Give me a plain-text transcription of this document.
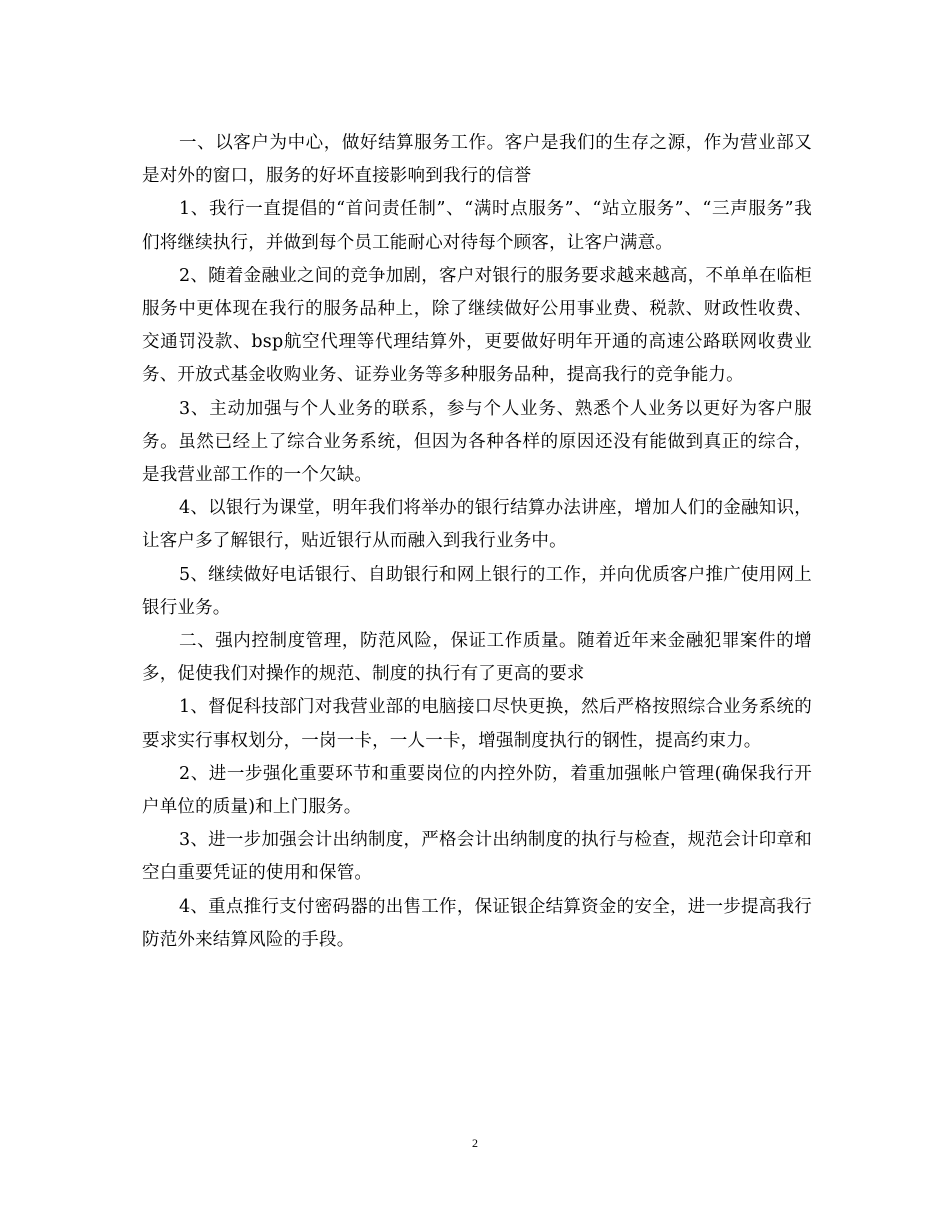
一、以客户为中心，做好结算服务工作。客户是我们的生存之源，作为营业部又是对外的窗口，服务的好坏直接影响到我行的信誉

1、我行一直提倡的“首问责任制”、“满时点服务”、“站立服务”、“三声服务”我们将继续执行，并做到每个员工能耐心对待每个顾客，让客户满意。

2、随着金融业之间的竞争加剧，客户对银行的服务要求越来越高，不单单在临柜服务中更体现在我行的服务品种上，除了继续做好公用事业费、税款、财政性收费、交通罚没款、bsp航空代理等代理结算外，更要做好明年开通的高速公路联网收费业务、开放式基金收购业务、证券业务等多种服务品种，提高我行的竞争能力。

3、主动加强与个人业务的联系，参与个人业务、熟悉个人业务以更好为客户服务。虽然已经上了综合业务系统，但因为各种各样的原因还没有能做到真正的综合，是我营业部工作的一个欠缺。

4、以银行为课堂，明年我们将举办的银行结算办法讲座，增加人们的金融知识，让客户多了解银行，贴近银行从而融入到我行业务中。

5、继续做好电话银行、自助银行和网上银行的工作，并向优质客户推广使用网上银行业务。

二、强内控制度管理，防范风险，保证工作质量。随着近年来金融犯罪案件的增多，促使我们对操作的规范、制度的执行有了更高的要求

1、督促科技部门对我营业部的电脑接口尽快更换，然后严格按照综合业务系统的要求实行事权划分，一岗一卡，一人一卡，增强制度执行的钢性，提高约束力。

2、进一步强化重要环节和重要岗位的内控外防，着重加强帐户管理(确保我行开户单位的质量)和上门服务。

3、进一步加强会计出纳制度，严格会计出纳制度的执行与检查，规范会计印章和空白重要凭证的使用和保管。

4、重点推行支付密码器的出售工作，保证银企结算资金的安全，进一步提高我行防范外来结算风险的手段。

2
